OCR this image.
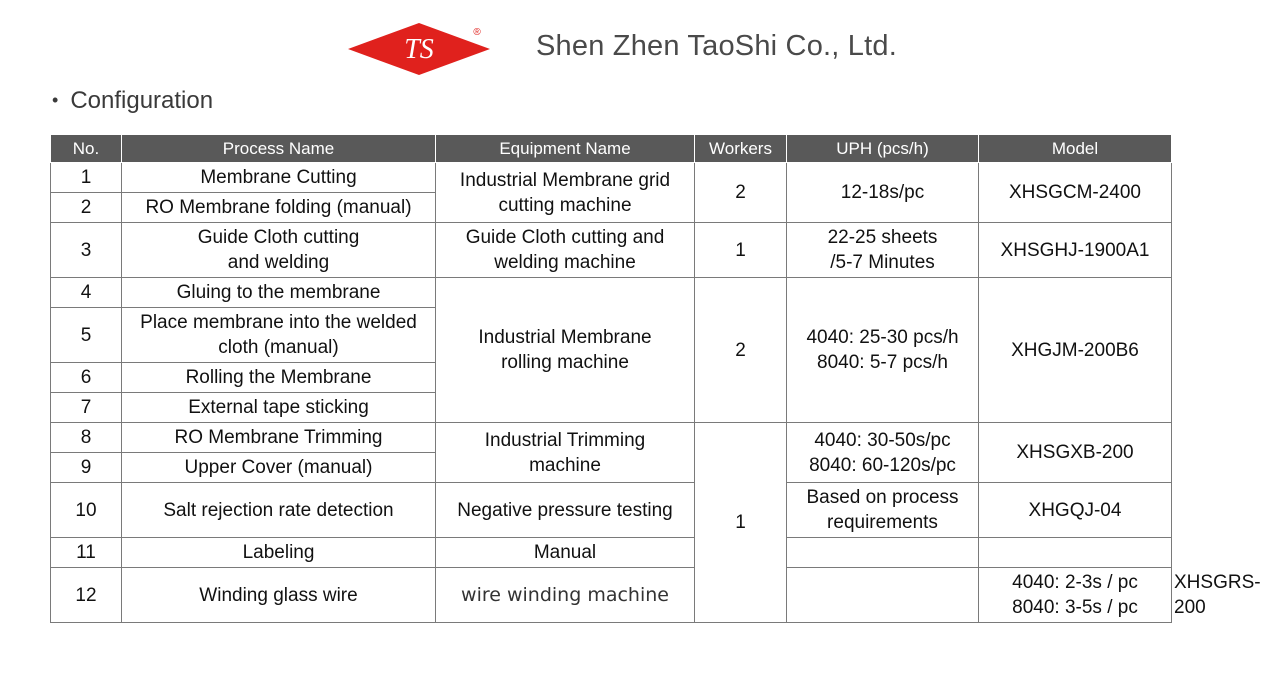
TS
® Shen Zhen TaoShi Co., Ltd.
• Configuration
No.	Process Name	Equipment Name	Workers	UPH (pcs/h)	Model	
1	Membrane Cutting	Industrial Membrane grid cutting machine	2	12-18s/pc	XHSGCM-2400	
2	RO Membrane folding (manual)					
3	Guide Cloth cutting and welding	Guide Cloth cutting and welding machine	1	22-25 sheets /5-7 Minutes	XHSGHJ-1900A1	
4	Gluing to the membrane	Industrial Membrane rolling machine	2	4040: 25-30 pcs/h 8040: 5-7 pcs/h	XHGJM-200B6	
5	Place membrane into the welded cloth (manual)					
6	Rolling the Membrane					
7	External tape sticking					
8	RO Membrane Trimming	Industrial Trimming machine	1	4040: 30-50s/pc 8040: 60-120s/pc	XHSGXB-200	
9	Upper Cover (manual)					
10	Salt rejection rate detection	Negative pressure testing		Based on process requirements	XHGQJ-04	
11	Labeling	Manual				
12	Winding glass wire	wire winding machine			4040: 2-3s / pc 8040: 3-5s / pc	XHSGRS-200
